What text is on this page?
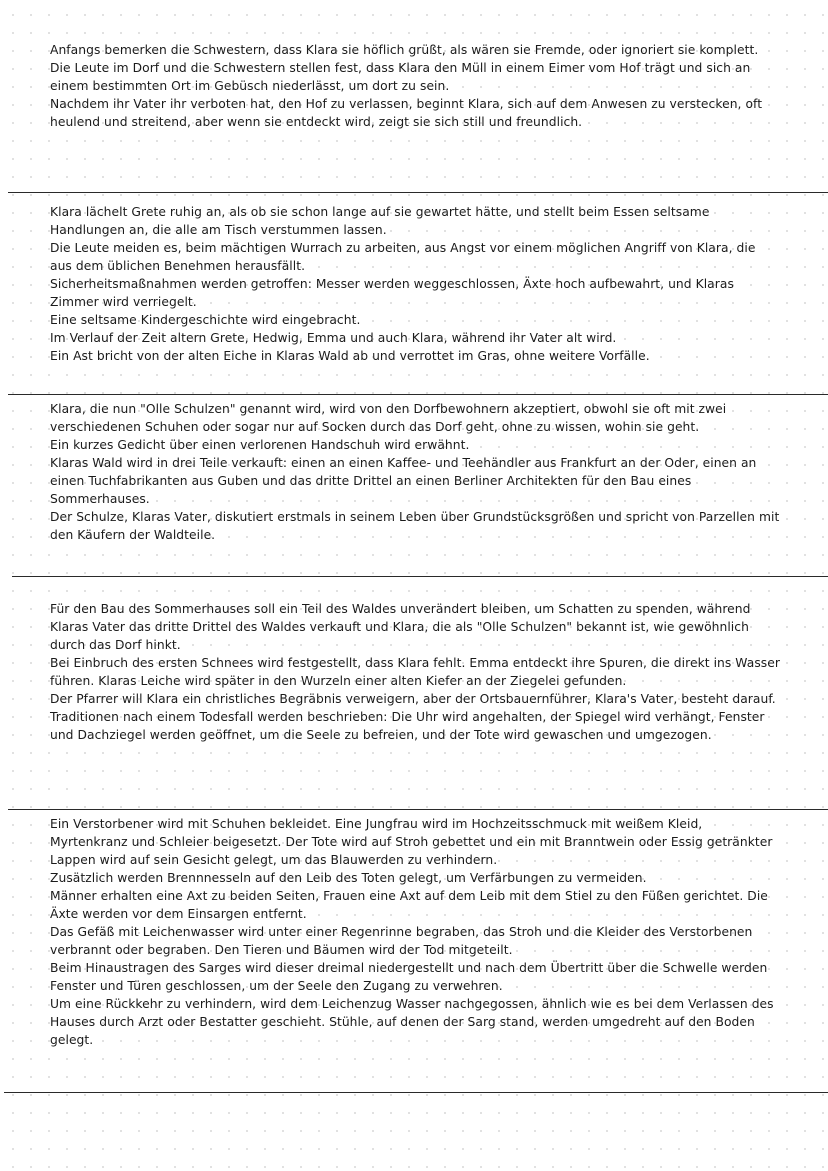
Anfangs bemerken die Schwestern, dass Klara sie höflich grüßt, als wären sie Fremde, oder ignoriert sie komplett.

Die Leute im Dorf und die Schwestern stellen fest, dass Klara den Müll in einem Eimer vom Hof trägt und sich an einem bestimmten Ort im Gebüsch niederlässt, um dort zu sein.

Nachdem ihr Vater ihr verboten hat, den Hof zu verlassen, beginnt Klara, sich auf dem Anwesen zu verstecken, oft heulend und streitend, aber wenn sie entdeckt wird, zeigt sie sich still und freundlich.

Klara lächelt Grete ruhig an, als ob sie schon lange auf sie gewartet hätte, und stellt beim Essen seltsame Handlungen an, die alle am Tisch verstummen lassen.

Die Leute meiden es, beim mächtigen Wurrach zu arbeiten, aus Angst vor einem möglichen Angriff von Klara, die aus dem üblichen Benehmen herausfällt.

Sicherheitsmaßnahmen werden getroffen: Messer werden weggeschlossen, Äxte hoch aufbewahrt, und Klaras Zimmer wird verriegelt.

Eine seltsame Kindergeschichte wird eingebracht.

Im Verlauf der Zeit altern Grete, Hedwig, Emma und auch Klara, während ihr Vater alt wird.

Ein Ast bricht von der alten Eiche in Klaras Wald ab und verrottet im Gras, ohne weitere Vorfälle.

Klara, die nun "Olle Schulzen" genannt wird, wird von den Dorfbewohnern akzeptiert, obwohl sie oft mit zwei verschiedenen Schuhen oder sogar nur auf Socken durch das Dorf geht, ohne zu wissen, wohin sie geht.

Ein kurzes Gedicht über einen verlorenen Handschuh wird erwähnt.

Klaras Wald wird in drei Teile verkauft: einen an einen Kaffee- und Teehändler aus Frankfurt an der Oder, einen an einen Tuchfabrikanten aus Guben und das dritte Drittel an einen Berliner Architekten für den Bau eines Sommerhauses.

Der Schulze, Klaras Vater, diskutiert erstmals in seinem Leben über Grundstücksgrößen und spricht von Parzellen mit den Käufern der Waldteile.

Für den Bau des Sommerhauses soll ein Teil des Waldes unverändert bleiben, um Schatten zu spenden, während Klaras Vater das dritte Drittel des Waldes verkauft und Klara, die als "Olle Schulzen" bekannt ist, wie gewöhnlich durch das Dorf hinkt.

Bei Einbruch des ersten Schnees wird festgestellt, dass Klara fehlt. Emma entdeckt ihre Spuren, die direkt ins Wasser führen. Klaras Leiche wird später in den Wurzeln einer alten Kiefer an der Ziegelei gefunden.

Der Pfarrer will Klara ein christliches Begräbnis verweigern, aber der Ortsbauernführer, Klara's Vater, besteht darauf.

Traditionen nach einem Todesfall werden beschrieben: Die Uhr wird angehalten, der Spiegel wird verhängt, Fenster und Dachziegel werden geöffnet, um die Seele zu befreien, und der Tote wird gewaschen und umgezogen.

Ein Verstorbener wird mit Schuhen bekleidet. Eine Jungfrau wird im Hochzeitsschmuck mit weißem Kleid, Myrtenkranz und Schleier beigesetzt. Der Tote wird auf Stroh gebettet und ein mit Branntwein oder Essig getränkter Lappen wird auf sein Gesicht gelegt, um das Blauwerden zu verhindern.

Zusätzlich werden Brennnesseln auf den Leib des Toten gelegt, um Verfärbungen zu vermeiden.

Männer erhalten eine Axt zu beiden Seiten, Frauen eine Axt auf dem Leib mit dem Stiel zu den Füßen gerichtet. Die Äxte werden vor dem Einsargen entfernt.

Das Gefäß mit Leichenwasser wird unter einer Regenrinne begraben, das Stroh und die Kleider des Verstorbenen verbrannt oder begraben. Den Tieren und Bäumen wird der Tod mitgeteilt.

Beim Hinaustragen des Sarges wird dieser dreimal niedergestellt und nach dem Übertritt über die Schwelle werden Fenster und Türen geschlossen, um der Seele den Zugang zu verwehren.

Um eine Rückkehr zu verhindern, wird dem Leichenzug Wasser nachgegossen, ähnlich wie es bei dem Verlassen des Hauses durch Arzt oder Bestatter geschieht. Stühle, auf denen der Sarg stand, werden umgedreht auf den Boden gelegt.
